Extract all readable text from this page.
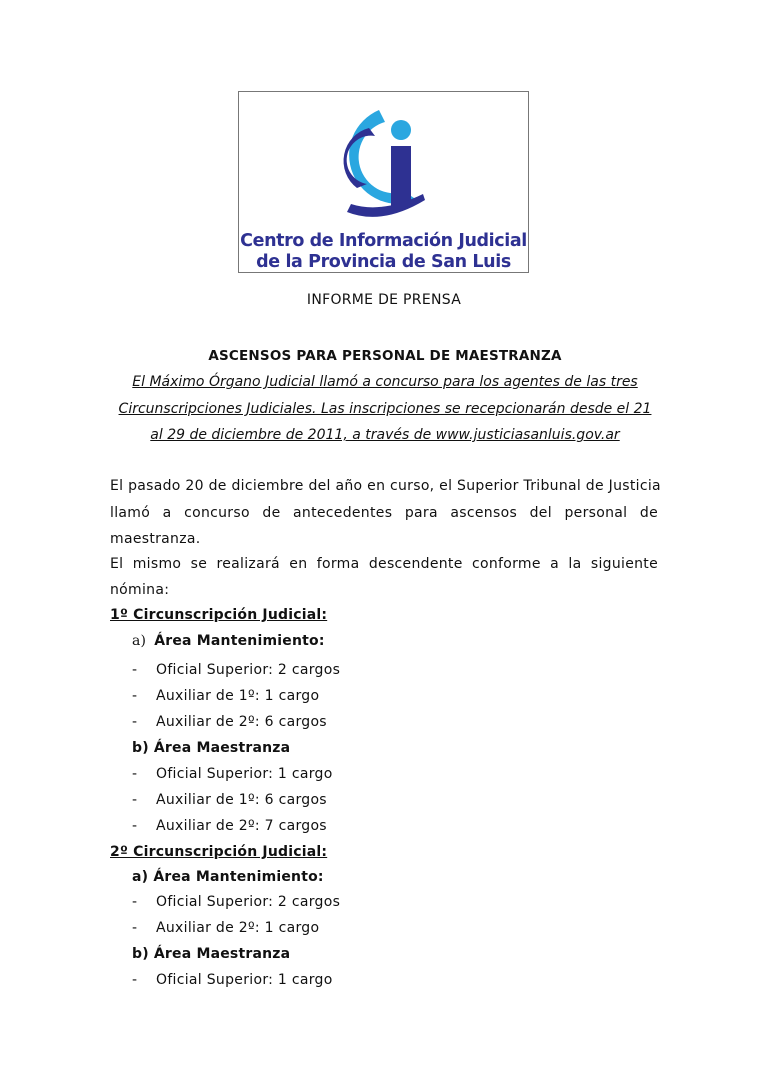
Centro de Información Judicial
de la Provincia de San Luis
INFORME DE PRENSA
ASCENSOS PARA PERSONAL DE MAESTRANZA
El Máximo Órgano Judicial llamó a concurso para los agentes de las tres
Circunscripciones Judiciales. Las inscripciones se recepcionarán desde el 21
al 29 de diciembre de 2011, a través de www.justiciasanluis.gov.ar
El pasado 20 de diciembre del año en curso, el Superior Tribunal de Justicia
llamó a concurso de antecedentes para ascensos del personal de
maestranza.
El mismo se realizará en forma descendente conforme a la siguiente
nómina:
1º Circunscripción Judicial:
a) Área Mantenimiento:
- Oficial Superior: 2 cargos
- Auxiliar de 1º: 1 cargo
- Auxiliar de 2º: 6 cargos
b) Área Maestranza
- Oficial Superior: 1 cargo
- Auxiliar de 1º: 6 cargos
- Auxiliar de 2º: 7 cargos
2º Circunscripción Judicial:
a) Área Mantenimiento:
- Oficial Superior: 2 cargos
- Auxiliar de 2º: 1 cargo
b) Área Maestranza
- Oficial Superior: 1 cargo
